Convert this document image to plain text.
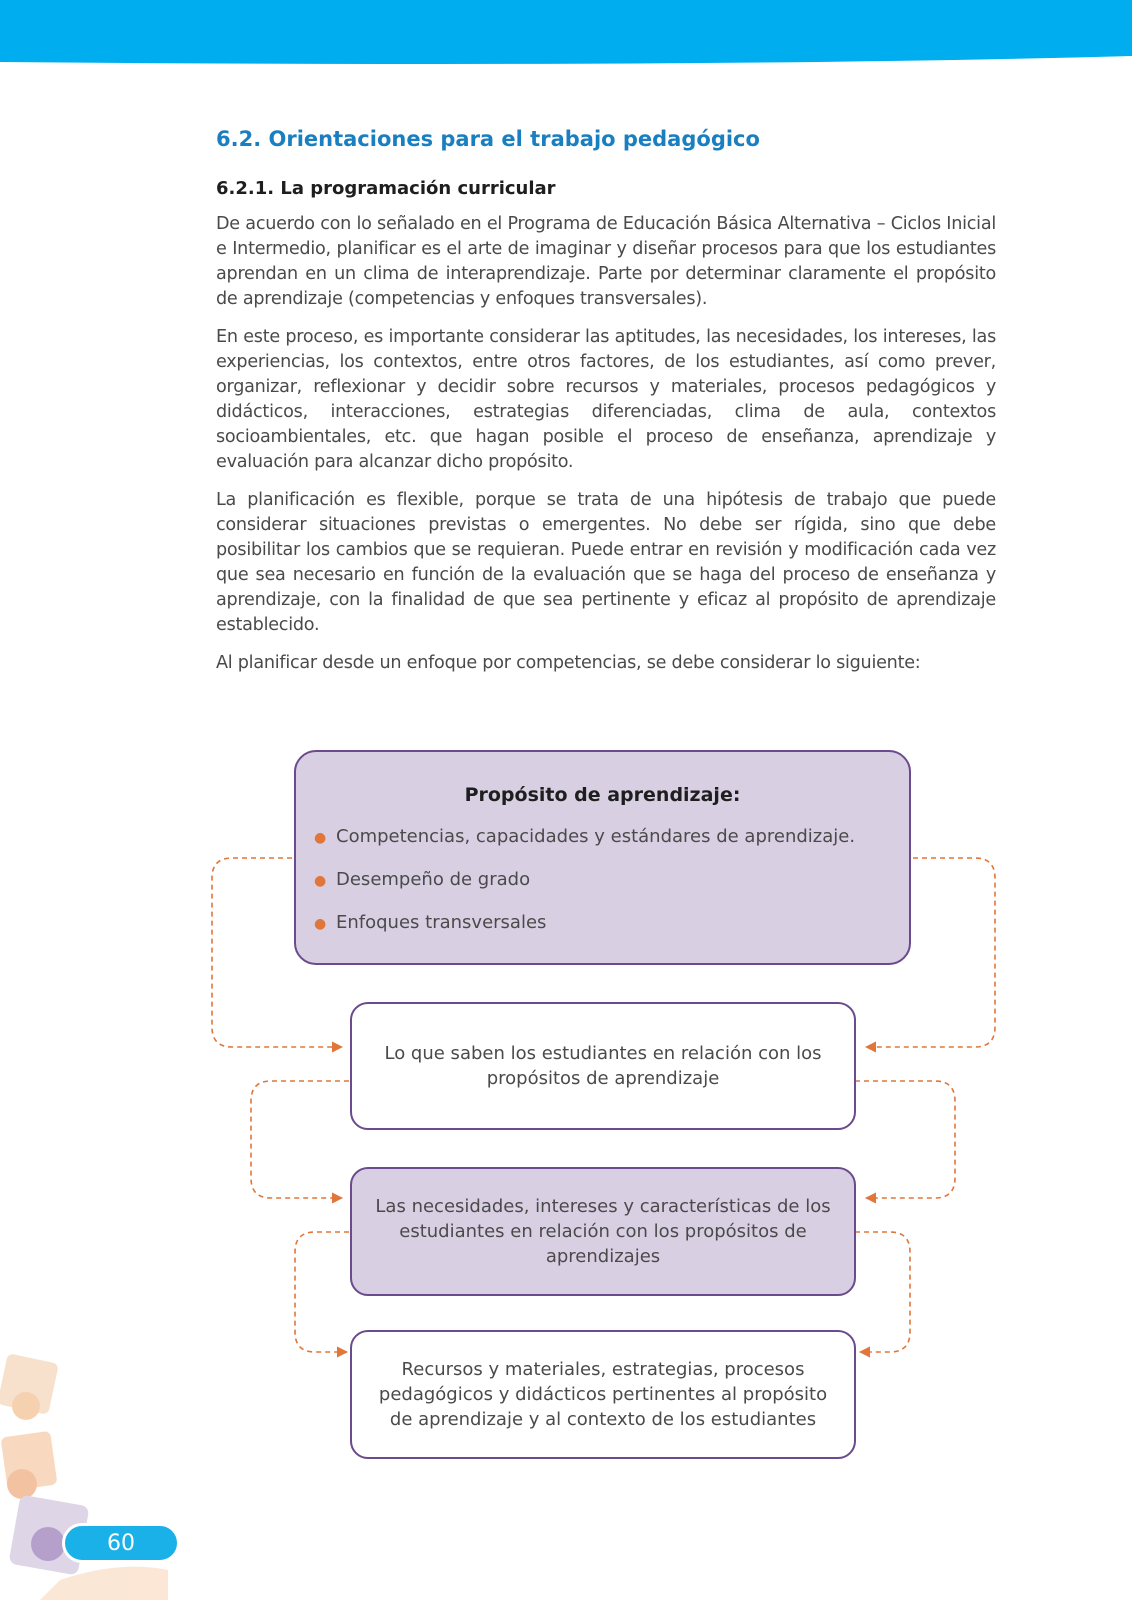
6.2. Orientaciones para el trabajo pedagógico
6.2.1. La programación curricular

De acuerdo con lo señalado en el Programa de Educación Básica Alternativa – Ciclos Inicial e Intermedio, planificar es el arte de imaginar y diseñar procesos para que los estudiantes aprendan en un clima de interaprendizaje. Parte por determinar claramente el propósito de aprendizaje (competencias y enfoques transversales).

En este proceso, es importante considerar las aptitudes, las necesidades, los intereses, las experiencias, los contextos, entre otros factores, de los estudiantes, así como prever, organizar, reflexionar y decidir sobre recursos y materiales, procesos pedagógicos y didácticos, interacciones, estrategias diferenciadas, clima de aula, contextos socioambientales, etc. que hagan posible el proceso de enseñanza, aprendizaje y evaluación para alcanzar dicho propósito.

La planificación es flexible, porque se trata de una hipótesis de trabajo que puede considerar situaciones previstas o emergentes. No debe ser rígida, sino que debe posibilitar los cambios que se requieran. Puede entrar en revisión y modificación cada vez que sea necesario en función de la evaluación que se haga del proceso de enseñanza y aprendizaje, con la finalidad de que sea pertinente y eficaz al propósito de aprendizaje establecido.

Al planificar desde un enfoque por competencias, se debe considerar lo siguiente:

Propósito de aprendizaje:
● Competencias, capacidades y estándares de aprendizaje.
● Desempeño de grado
● Enfoques transversales
Lo que saben los estudiantes en relación con los propósitos de aprendizaje
Las necesidades, intereses y características de los estudiantes en relación con los propósitos de aprendizajes
Recursos y materiales, estrategias, procesos pedagógicos y didácticos pertinentes al propósito de aprendizaje y al contexto de los estudiantes
60
